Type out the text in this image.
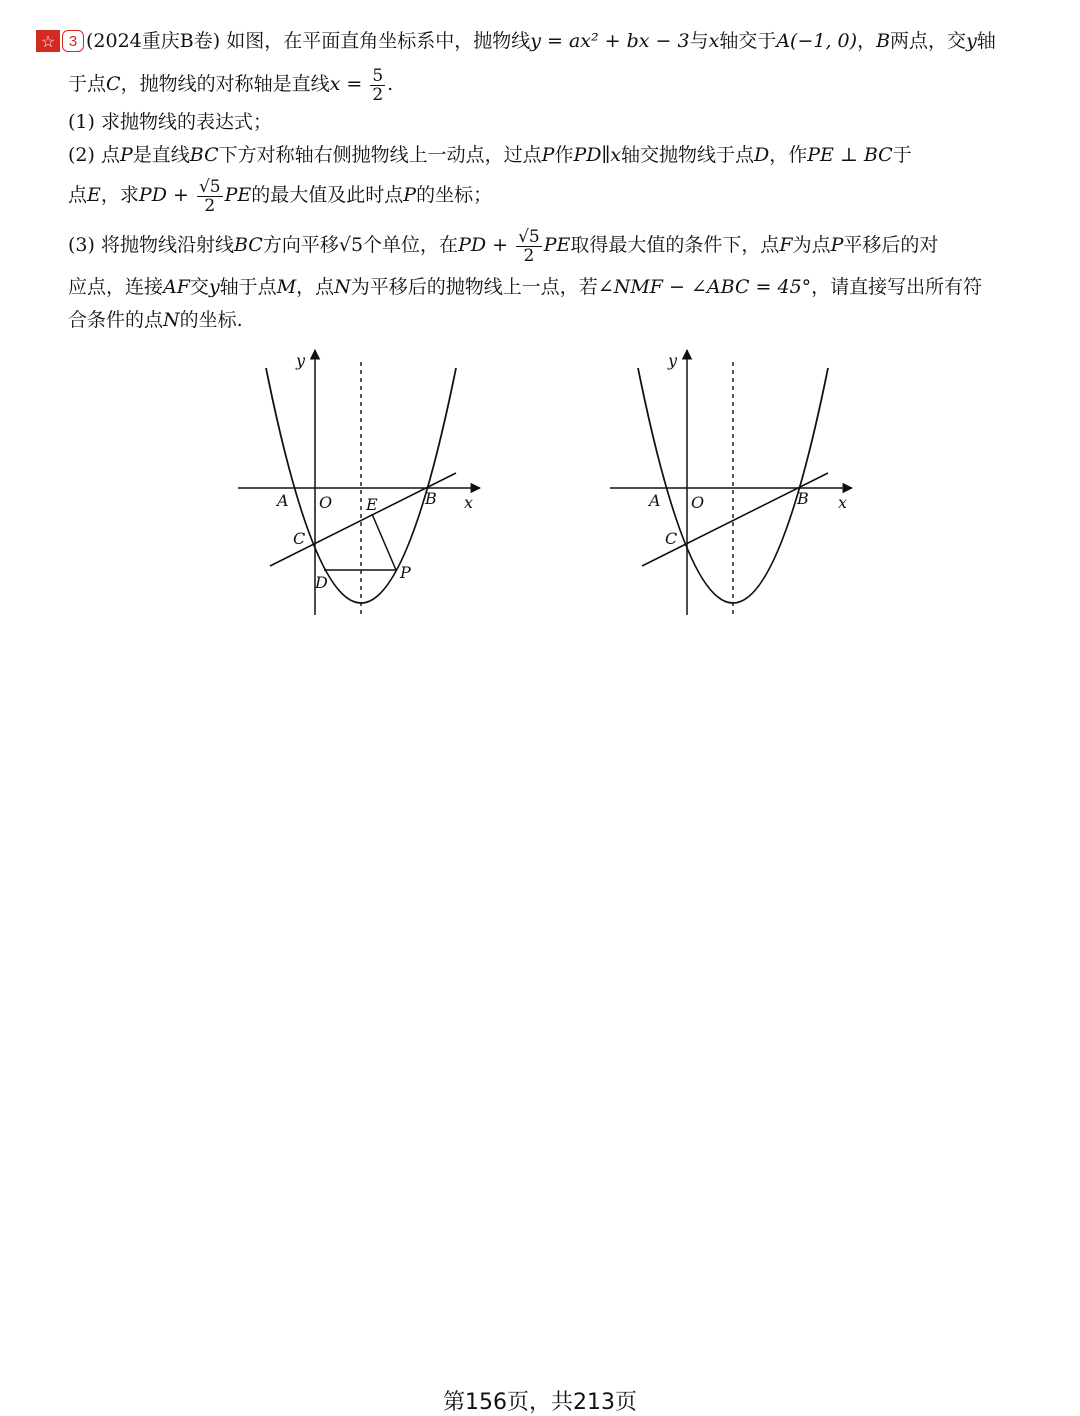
☆ 3 (2024重庆B卷) 如图，在平面直角坐标系中，抛物线y = ax² + bx − 3与x轴交于A(−1, 0)，B两点，交y轴
于点C，抛物线的对称轴是直线$x = \frac{5}{2}$ .
(1) 求抛物线的表达式；
(2) 点P是直线BC下方对称轴右侧抛物线上一动点，过点P作PD∥x轴交抛物线于点D，作PE ⊥ BC于
点E，求PD + $\frac{√5}{2}$ PE的最大值及此时点P的坐标；
(3) 将抛物线沿射线BC方向平移√5个单位，在PD + $\frac{√5}{2}$ PE取得最大值的条件下，点F为点P平移后的对
应点，连接AF交y轴于点M，点N为平移后的抛物线上一点，若∠NMF − ∠ABC = 45°，请直接写出所有符
合条件的点N的坐标.
y
x
A O E	B
C
D
P
y
x
A O	B
C
第156页，共213页
